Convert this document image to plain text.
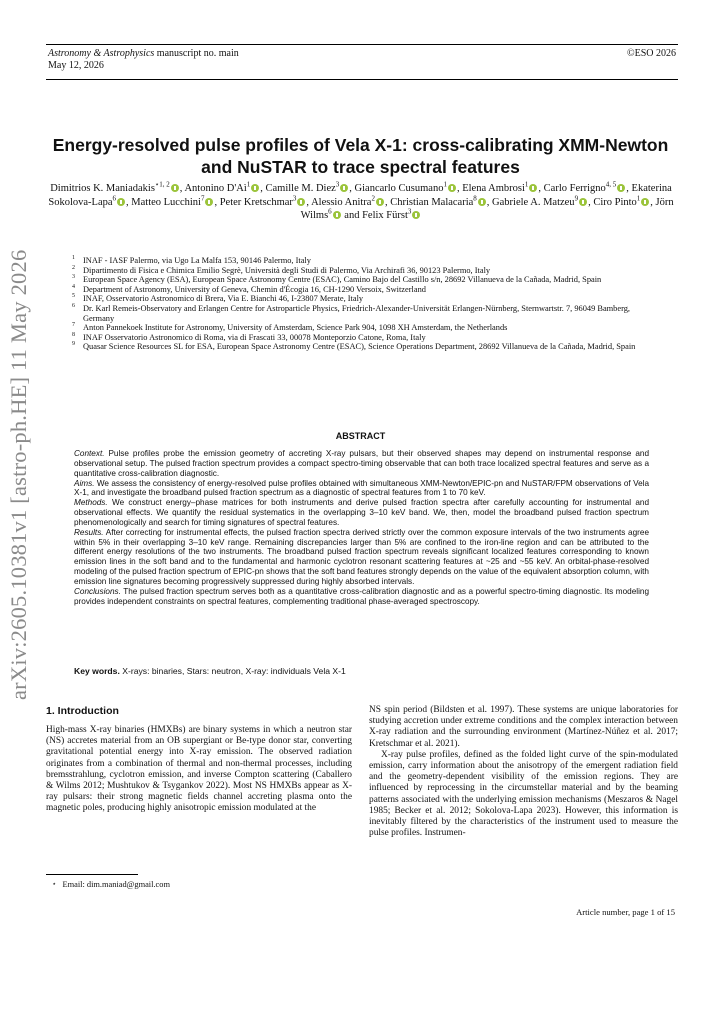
Astronomy & Astrophysics manuscript no. main
May 12, 2026
©ESO 2026
arXiv:2605.10381v1 [astro-ph.HE] 11 May 2026
Energy-resolved pulse profiles of Vela X-1: cross-calibrating XMM-Newton and NuSTAR to trace spectral features
Dimitrios K. Maniadakis$^{⋆1, 2}$ , Antonino $D'Aì^1$ , Camille M. Diez$^3$ , Giancarlo Cusumano$^1$ , Elena Ambrosi$^1$ , Carlo Ferrigno$^{4, 5}$ , Ekaterina Sokolova-Lapa$^6$ , Matteo Lucchini$^7$ , Peter Kretschmar$^3$ , Alessio Anitra$^2$ , Christian Malacaria$^8$ , Gabriele A. Matzeu$^9$ , Ciro Pinto$^1$ , Jörn Wilms$^6$ and Felix Fürst$^3$
1 INAF - IASF Palermo, via Ugo La Malfa 153, 90146 Palermo, Italy
2 Dipartimento di Fisica e Chimica Emilio Segrè, Università degli Studi di Palermo, Via Archirafi 36, 90123 Palermo, Italy
3 European Space Agency (ESA), European Space Astronomy Centre (ESAC), Camino Bajo del Castillo s/n, 28692 Villanueva de la Cañada, Madrid, Spain
4 Department of Astronomy, University of Geneva, Chemin d'Écogia 16, CH-1290 Versoix, Switzerland
5 INAF, Osservatorio Astronomico di Brera, Via E. Bianchi 46, I-23807 Merate, Italy
6 Dr. Karl Remeis-Observatory and Erlangen Centre for Astroparticle Physics, Friedrich-Alexander-Universität Erlangen-Nürnberg, Sternwartstr. 7, 96049 Bamberg, Germany
7 Anton Pannekoek Institute for Astronomy, University of Amsterdam, Science Park 904, 1098 XH Amsterdam, the Netherlands
8 INAF Osservatorio Astronomico di Roma, via di Frascati 33, 00078 Monteporzio Catone, Roma, Italy
9 Quasar Science Resources SL for ESA, European Space Astronomy Centre (ESAC), Science Operations Department, 28692 Villanueva de la Cañada, Madrid, Spain
ABSTRACT

Context. Pulse profiles probe the emission geometry of accreting X-ray pulsars, but their observed shapes may depend on instrumental response and observational setup. The pulsed fraction spectrum provides a compact spectro-timing observable that can both trace localized spectral features and serve as a quantitative cross-calibration diagnostic.

Aims. We assess the consistency of energy-resolved pulse profiles obtained with simultaneous XMM-Newton/EPIC-pn and NuSTAR/FPM observations of Vela X-1, and investigate the broadband pulsed fraction spectrum as a diagnostic of spectral features from 1 to 70 keV.

Methods. We construct energy–phase matrices for both instruments and derive pulsed fraction spectra after carefully accounting for instrumental and observational effects. We quantify the residual systematics in the overlapping 3–10 keV band. We, then, model the broadband pulsed fraction spectrum phenomenologically and search for timing signatures of spectral features.

Results. After correcting for instrumental effects, the pulsed fraction spectra derived strictly over the common exposure intervals of the two instruments agree within 5% in their overlapping 3–10 keV range. Remaining discrepancies larger than 5% are confined to the iron-line region and can be attributed to the different energy resolutions of the two instruments. The broadband pulsed fraction spectrum reveals significant localized features corresponding to known emission lines in the soft band and to the fundamental and harmonic cyclotron resonant scattering features at ~25 and ~55 keV. An orbital-phase-resolved modeling of the pulsed fraction spectrum of EPIC-pn shows that the soft band features strongly depends on the value of the equivalent absorption column, with emission line signatures becoming progressively suppressed during highly absorbed intervals.

Conclusions. The pulsed fraction spectrum serves both as a quantitative cross-calibration diagnostic and as a powerful spectro-timing diagnostic. Its modeling provides independent constraints on spectral features, complementing traditional phase-averaged spectroscopy.

Key words. X-rays: binaries, Stars: neutron, X-ray: individuals Vela X-1
1. Introduction

High-mass X-ray binaries (HMXBs) are binary systems in which a neutron star (NS) accretes material from an OB supergiant or Be-type donor star, converting gravitational potential energy into X-ray emission. The observed radiation originates from a combination of thermal and non-thermal processes, including bremsstrahlung, cyclotron emission, and inverse Compton scattering (Caballero & Wilms 2012; Mushtukov & Tsygankov 2022). Most NS HMXBs appear as X-ray pulsars: their strong magnetic fields channel accreting plasma onto the magnetic poles, producing highly anisotropic emission modulated at the

NS spin period (Bildsten et al. 1997). These systems are unique laboratories for studying accretion under extreme conditions and the complex interaction between X-ray radiation and the surrounding environment (Martínez-Núñez et al. 2017; Kretschmar et al. 2021).

X-ray pulse profiles, defined as the folded light curve of the spin-modulated emission, carry information about the anisotropy of the emergent radiation field and the geometry-dependent visibility of the emission regions. They are influenced by reprocessing in the circumstellar material and by the beaming patterns associated with the underlying emission mechanisms (Meszaros & Nagel 1985; Becker et al. 2012; Sokolova-Lapa 2023). However, this information is inevitably filtered by the characteristics of the instrument used to measure the pulse profiles. Instrumen-

⋆ Email: dim.maniad@gmail.com
Article number, page 1 of 15
